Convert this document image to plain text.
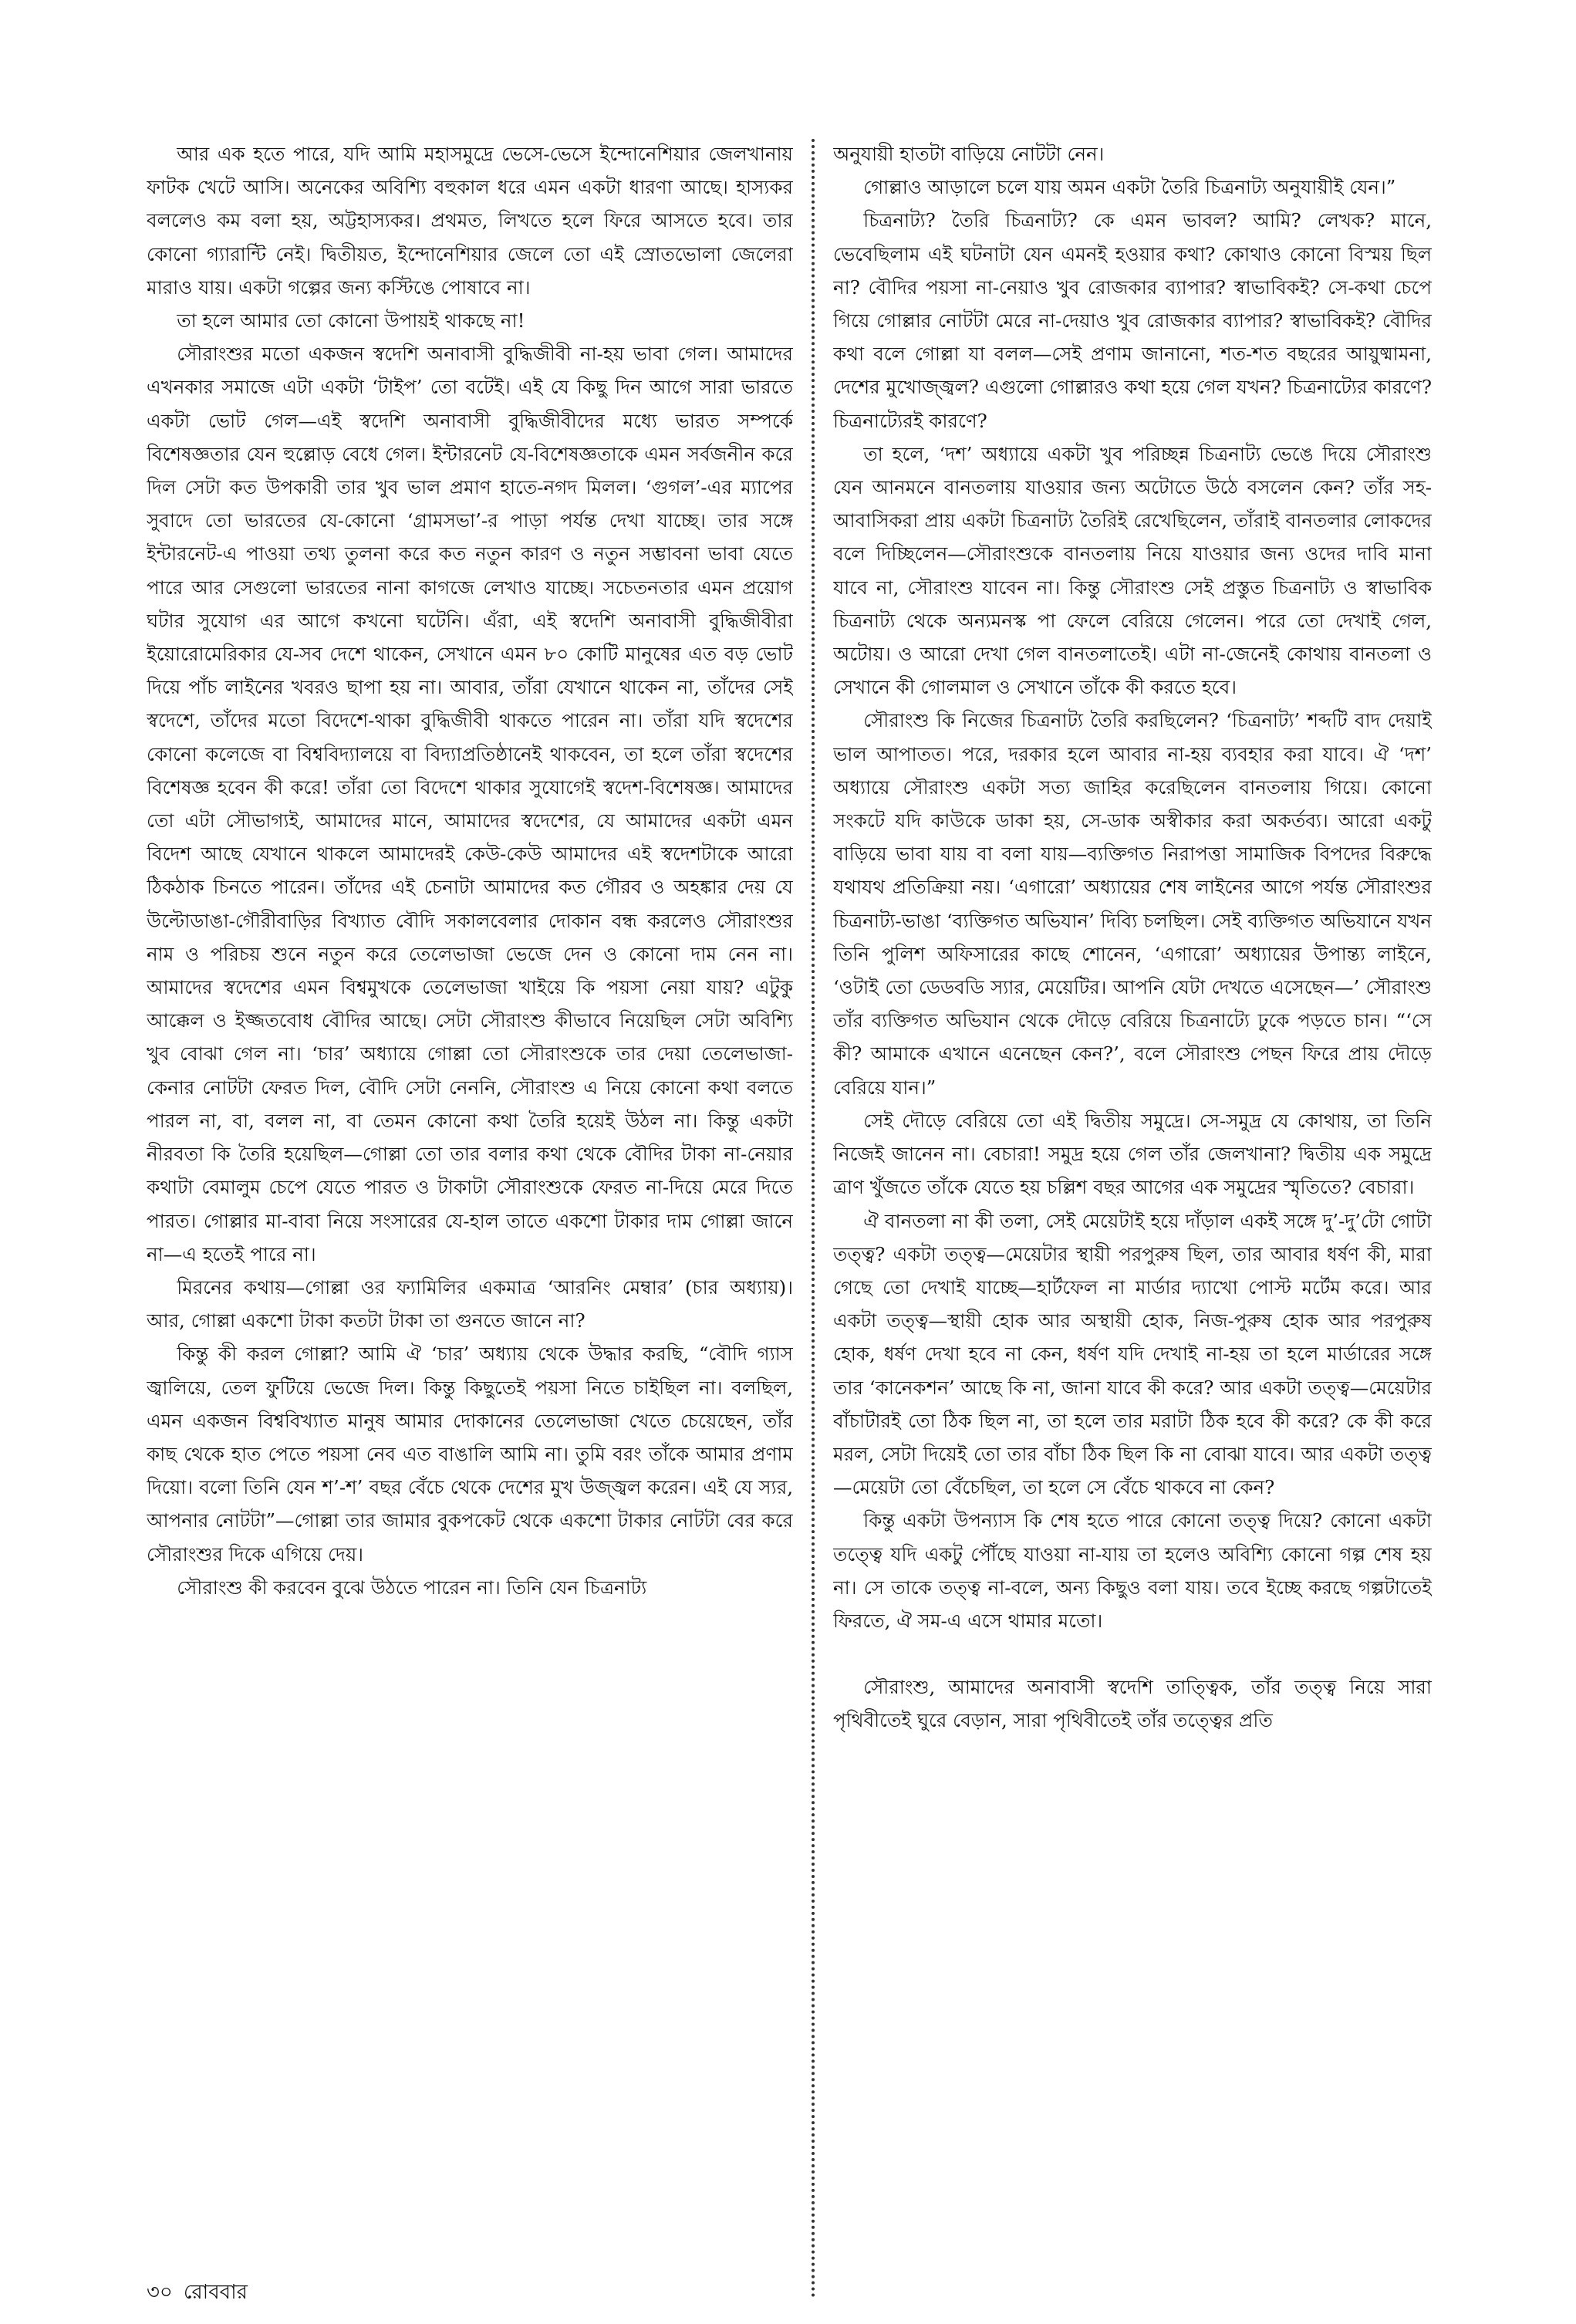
আর এক হতে পারে, যদি আমি মহাসমুদ্রে ভেসে-ভেসে ইন্দোনেশিয়ার জেলখানায় ফাটক খেটে আসি। অনেকের অবিশ্যি বহুকাল ধরে এমন একটা ধারণা আছে। হাস্যকর বললেও কম বলা হয়, অট্টহাস্যকর। প্রথমত, লিখতে হলে ফিরে আসতে হবে। তার কোনো গ্যারান্টি নেই। দ্বিতীয়ত, ইন্দোনেশিয়ার জেলে তো এই স্রোতভোলা জেলেরা মারাও যায়। একটা গল্পের জন্য কস্টিঙে পোষাবে না।

তা হলে আমার তো কোনো উপায়ই থাকছে না!

সৌরাংশুর মতো একজন স্বদেশি অনাবাসী বুদ্ধিজীবী না-হয় ভাবা গেল। আমাদের এখনকার সমাজে এটা একটা ‘টাইপ’ তো বটেই। এই যে কিছু দিন আগে সারা ভারতে একটা ভোট গেল—এই স্বদেশি অনাবাসী বুদ্ধিজীবীদের মধ্যে ভারত সম্পর্কে বিশেষজ্ঞতার যেন হুল্লোড় বেধে গেল। ইন্টারনেট যে-বিশেষজ্ঞতাকে এমন সর্বজনীন করে দিল সেটা কত উপকারী তার খুব ভাল প্রমাণ হাতে-নগদ মিলল। ‘গুগল’-এর ম্যাপের সুবাদে তো ভারতের যে-কোনো ‘গ্রামসভা’-র পাড়া পর্যন্ত দেখা যাচ্ছে। তার সঙ্গে ইন্টারনেট-এ পাওয়া তথ্য তুলনা করে কত নতুন কারণ ও নতুন সম্ভাবনা ভাবা যেতে পারে আর সেগুলো ভারতের নানা কাগজে লেখাও যাচ্ছে। সচেতনতার এমন প্রয়োগ ঘটার সুযোগ এর আগে কখনো ঘটেনি। এঁরা, এই স্বদেশি অনাবাসী বুদ্ধিজীবীরা ইয়োরোমেরিকার যে-সব দেশে থাকেন, সেখানে এমন ৮০ কোটি মানুষের এত বড় ভোট দিয়ে পাঁচ লাইনের খবরও ছাপা হয় না। আবার, তাঁরা যেখানে থাকেন না, তাঁদের সেই স্বদেশে, তাঁদের মতো বিদেশে-থাকা বুদ্ধিজীবী থাকতে পারেন না। তাঁরা যদি স্বদেশের কোনো কলেজে বা বিশ্ববিদ্যালয়ে বা বিদ্যাপ্রতিষ্ঠানেই থাকবেন, তা হলে তাঁরা স্বদেশের বিশেষজ্ঞ হবেন কী করে! তাঁরা তো বিদেশে থাকার সুযোগেই স্বদেশ-বিশেষজ্ঞ। আমাদের তো এটা সৌভাগ্যই, আমাদের মানে, আমাদের স্বদেশের, যে আমাদের একটা এমন বিদেশ আছে যেখানে থাকলে আমাদেরই কেউ-কেউ আমাদের এই স্বদেশটাকে আরো ঠিকঠাক চিনতে পারেন। তাঁদের এই চেনাটা আমাদের কত গৌরব ও অহঙ্কার দেয় যে উল্টোডাঙা-গৌরীবাড়ির বিখ্যাত বৌদি সকালবেলার দোকান বন্ধ করলেও সৌরাংশুর নাম ও পরিচয় শুনে নতুন করে তেলেভাজা ভেজে দেন ও কোনো দাম নেন না। আমাদের স্বদেশের এমন বিশ্বমুখকে তেলেভাজা খাইয়ে কি পয়সা নেয়া যায়? এটুকু আক্কেল ও ইজ্জতবোধ বৌদির আছে। সেটা সৌরাংশু কীভাবে নিয়েছিল সেটা অবিশ্যি খুব বোঝা গেল না। ‘চার’ অধ্যায়ে গোল্লা তো সৌরাংশুকে তার দেয়া তেলেভাজা-কেনার নোটটা ফেরত দিল, বৌদি সেটা নেননি, সৌরাংশু এ নিয়ে কোনো কথা বলতে পারল না, বা, বলল না, বা তেমন কোনো কথা তৈরি হয়েই উঠল না। কিন্তু একটা নীরবতা কি তৈরি হয়েছিল—গোল্লা তো তার বলার কথা থেকে বৌদির টাকা না-নেয়ার কথাটা বেমালুম চেপে যেতে পারত ও টাকাটা সৌরাংশুকে ফেরত না-দিয়ে মেরে দিতে পারত। গোল্লার মা-বাবা নিয়ে সংসারের যে-হাল তাতে একশো টাকার দাম গোল্লা জানে না—এ হতেই পারে না।

মিরনের কথায়—গোল্লা ওর ফ্যামিলির একমাত্র ‘আরনিং মেম্বার’ (চার অধ্যায়)। আর, গোল্লা একশো টাকা কতটা টাকা তা গুনতে জানে না?

কিন্তু কী করল গোল্লা? আমি ঐ ‘চার’ অধ্যায় থেকে উদ্ধার করছি, “বৌদি গ্যাস জ্বালিয়ে, তেল ফুটিয়ে ভেজে দিল। কিন্তু কিছুতেই পয়সা নিতে চাইছিল না। বলছিল, এমন একজন বিশ্ববিখ্যাত মানুষ আমার দোকানের তেলেভাজা খেতে চেয়েছেন, তাঁর কাছ থেকে হাত পেতে পয়সা নেব এত বাঙালি আমি না। তুমি বরং তাঁকে আমার প্রণাম দিয়ো। বলো তিনি যেন শ’-শ’ বছর বেঁচে থেকে দেশের মুখ উজ্জ্বল করেন। এই যে স্যর, আপনার নোটটা”—গোল্লা তার জামার বুকপকেট থেকে একশো টাকার নোটটা বের করে সৌরাংশুর দিকে এগিয়ে দেয়।

সৌরাংশু কী করবেন বুঝে উঠতে পারেন না। তিনি যেন চিত্রনাট্য

অনুযায়ী হাতটা বাড়িয়ে নোটটা নেন।

গোল্লাও আড়ালে চলে যায় অমন একটা তৈরি চিত্রনাট্য অনুযায়ীই যেন।”

চিত্রনাট্য? তৈরি চিত্রনাট্য? কে এমন ভাবল? আমি? লেখক? মানে, ভেবেছিলাম এই ঘটনাটা যেন এমনই হওয়ার কথা? কোথাও কোনো বিস্ময় ছিল না? বৌদির পয়সা না-নেয়াও খুব রোজকার ব্যাপার? স্বাভাবিকই? সে-কথা চেপে গিয়ে গোল্লার নোটটা মেরে না-দেয়াও খুব রোজকার ব্যাপার? স্বাভাবিকই? বৌদির কথা বলে গোল্লা যা বলল—সেই প্রণাম জানানো, শত-শত বছরের আয়ুষ্মামনা, দেশের মুখোজ্জ্বল? এগুলো গোল্লারও কথা হয়ে গেল যখন? চিত্রনাট্যের কারণে? চিত্রনাট্যেরই কারণে?

তা হলে, ‘দশ’ অধ্যায়ে একটা খুব পরিচ্ছন্ন চিত্রনাট্য ভেঙে দিয়ে সৌরাংশু যেন আনমনে বানতলায় যাওয়ার জন্য অটোতে উঠে বসলেন কেন? তাঁর সহ-আবাসিকরা প্রায় একটা চিত্রনাট্য তৈরিই রেখেছিলেন, তাঁরাই বানতলার লোকদের বলে দিচ্ছিলেন—সৌরাংশুকে বানতলায় নিয়ে যাওয়ার জন্য ওদের দাবি মানা যাবে না, সৌরাংশু যাবেন না। কিন্তু সৌরাংশু সেই প্রস্তুত চিত্রনাট্য ও স্বাভাবিক চিত্রনাট্য থেকে অন্যমনস্ক পা ফেলে বেরিয়ে গেলেন। পরে তো দেখাই গেল, অটোয়। ও আরো দেখা গেল বানতলাতেই। এটা না-জেনেই কোথায় বানতলা ও সেখানে কী গোলমাল ও সেখানে তাঁকে কী করতে হবে।

সৌরাংশু কি নিজের চিত্রনাট্য তৈরি করছিলেন? ‘চিত্রনাট্য’ শব্দটি বাদ দেয়াই ভাল আপাতত। পরে, দরকার হলে আবার না-হয় ব্যবহার করা যাবে। ঐ ‘দশ’ অধ্যায়ে সৌরাংশু একটা সত্য জাহির করেছিলেন বানতলায় গিয়ে। কোনো সংকটে যদি কাউকে ডাকা হয়, সে-ডাক অস্বীকার করা অকর্তব্য। আরো একটু বাড়িয়ে ভাবা যায় বা বলা যায়—ব্যক্তিগত নিরাপত্তা সামাজিক বিপদের বিরুদ্ধে যথাযথ প্রতিক্রিয়া নয়। ‘এগারো’ অধ্যায়ের শেষ লাইনের আগে পর্যন্ত সৌরাংশুর চিত্রনাট্য-ভাঙা ‘ব্যক্তিগত অভিযান’ দিব্যি চলছিল। সেই ব্যক্তিগত অভিযানে যখন তিনি পুলিশ অফিসারের কাছে শোনেন, ‘এগারো’ অধ্যায়ের উপান্ত্য লাইনে, ‘ওটাই তো ডেডবডি স্যার, মেয়েটির। আপনি যেটা দেখতে এসেছেন—’ সৌরাংশু তাঁর ব্যক্তিগত অভিযান থেকে দৌড়ে বেরিয়ে চিত্রনাট্যে ঢুকে পড়তে চান। “‘সে কী? আমাকে এখানে এনেছেন কেন?’, বলে সৌরাংশু পেছন ফিরে প্রায় দৌড়ে বেরিয়ে যান।”

সেই দৌড়ে বেরিয়ে তো এই দ্বিতীয় সমুদ্রে। সে-সমুদ্র যে কোথায়, তা তিনি নিজেই জানেন না। বেচারা! সমুদ্র হয়ে গেল তাঁর জেলখানা? দ্বিতীয় এক সমুদ্রে ত্রাণ খুঁজতে তাঁকে যেতে হয় চল্লিশ বছর আগের এক সমুদ্রের স্মৃতিতে? বেচারা।

ঐ বানতলা না কী তলা, সেই মেয়েটাই হয়ে দাঁড়াল একই সঙ্গে দু’-দু’টো গোটা তত্ত্ব? একটা তত্ত্ব—মেয়েটার স্থায়ী পরপুরুষ ছিল, তার আবার ধর্ষণ কী, মারা গেছে তো দেখাই যাচ্ছে—হার্টফেল না মার্ডার দ্যাখো পোস্ট মর্টেম করে। আর একটা তত্ত্ব—স্থায়ী হোক আর অস্থায়ী হোক, নিজ-পুরুষ হোক আর পরপুরুষ হোক, ধর্ষণ দেখা হবে না কেন, ধর্ষণ যদি দেখাই না-হয় তা হলে মার্ডারের সঙ্গে তার ‘কানেকশন’ আছে কি না, জানা যাবে কী করে? আর একটা তত্ত্ব—মেয়েটার বাঁচাটারই তো ঠিক ছিল না, তা হলে তার মরাটা ঠিক হবে কী করে? কে কী করে মরল, সেটা দিয়েই তো তার বাঁচা ঠিক ছিল কি না বোঝা যাবে। আর একটা তত্ত্ব—মেয়েটা তো বেঁচেছিল, তা হলে সে বেঁচে থাকবে না কেন?

কিন্তু একটা উপন্যাস কি শেষ হতে পারে কোনো তত্ত্ব দিয়ে? কোনো একটা তত্ত্বে যদি একটু পৌঁছে যাওয়া না-যায় তা হলেও অবিশ্যি কোনো গল্প শেষ হয় না। সে তাকে তত্ত্ব না-বলে, অন্য কিছুও বলা যায়। তবে ইচ্ছে করছে গল্পটাতেই ফিরতে, ঐ সম-এ এসে থামার মতো।

সৌরাংশু, আমাদের অনাবাসী স্বদেশি তাত্ত্বিক, তাঁর তত্ত্ব নিয়ে সারা পৃথিবীতেই ঘুরে বেড়ান, সারা পৃথিবীতেই তাঁর তত্ত্বের প্রতি

৩০ রোববার
